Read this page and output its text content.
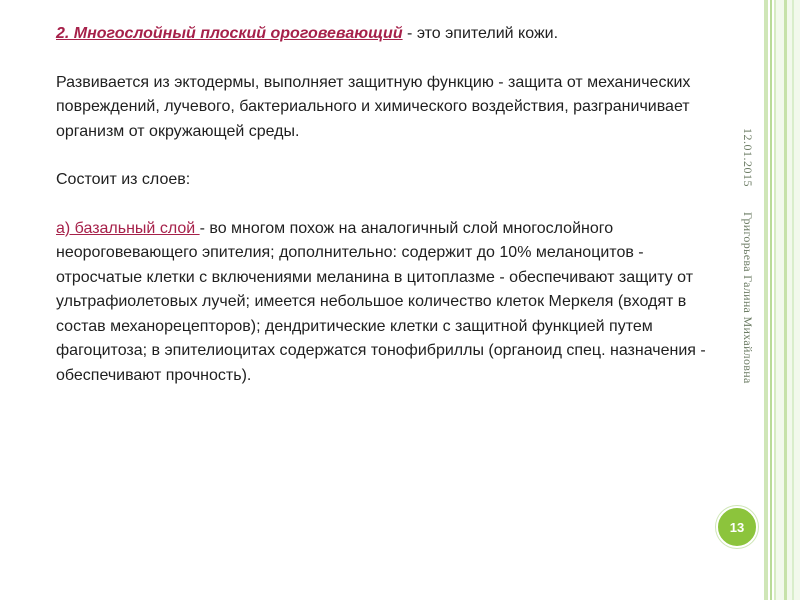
2. Многослойный плоский ороговевающий - это эпителий кожи.

Развивается из эктодермы, выполняет защитную функцию - защита от механических повреждений, лучевого, бактериального и химического воздействия, разграничивает организм от окружающей среды.

Состоит из слоев:

а) базальный слой - во многом похож на аналогичный слой многослойного неороговевающего эпителия; дополнительно: содержит до 10% меланоцитов - отросчатые клетки с включениями меланина в цитоплазме - обеспечивают защиту от ультрафиолетовых лучей; имеется небольшое количество клеток Меркеля (входят в состав механорецепторов); дендритические клетки с защитной функцией путем фагоцитоза; в эпителиоцитах содержатся тонофибриллы (органоид спец. назначения - обеспечивают прочность).

12.01.2015
Григорьева Галина Михайловна
13
